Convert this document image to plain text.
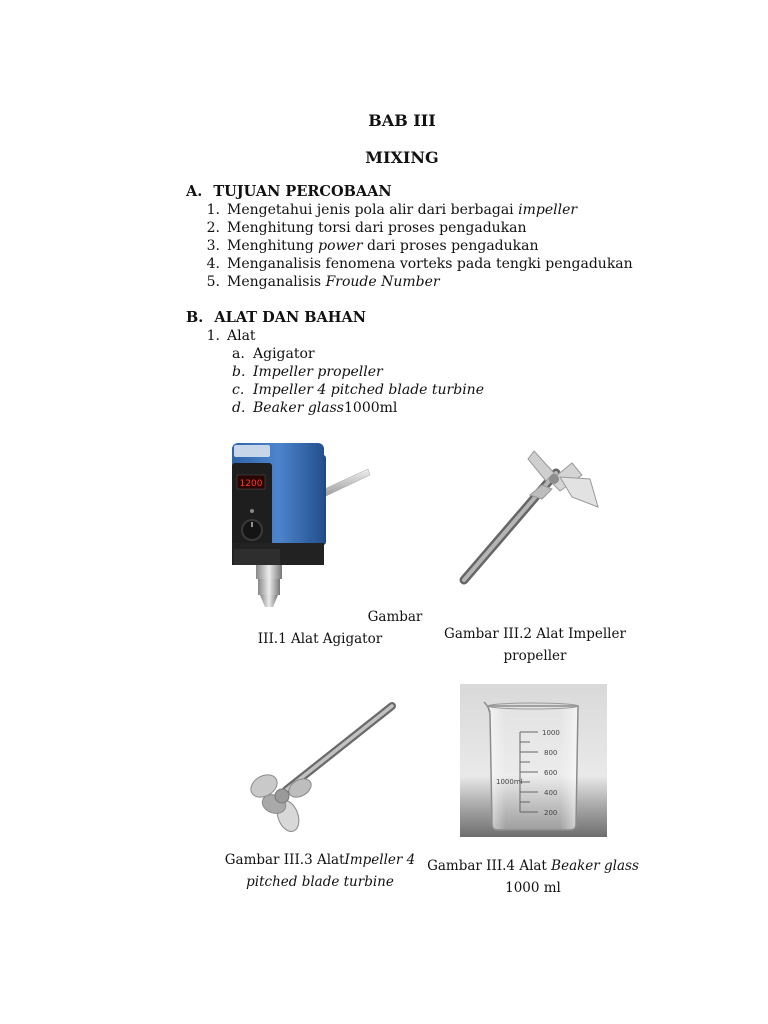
BAB III
MIXING
A. TUJUAN PERCOBAAN
1. Mengetahui jenis pola alir dari berbagai impeller
2. Menghitung torsi dari proses pengadukan
3. Menghitung power dari proses pengadukan
4. Menganalisis fenomena vorteks pada tengki pengadukan
5. Menganalisis Froude Number
B. ALAT DAN BAHAN
1. Alat
a. Agigator
b. Impeller propeller
c. Impeller 4 pitched blade turbine
d. Beaker glass1000ml
1200
Gambar
III.1 Alat Agigator	Gambar III.2 Alat Impeller
propeller
1000
800
600
400
200
1000ml
Gambar III.3 AlatImpeller 4
pitched blade turbine
Gambar III.4 Alat Beaker glass
1000 ml
